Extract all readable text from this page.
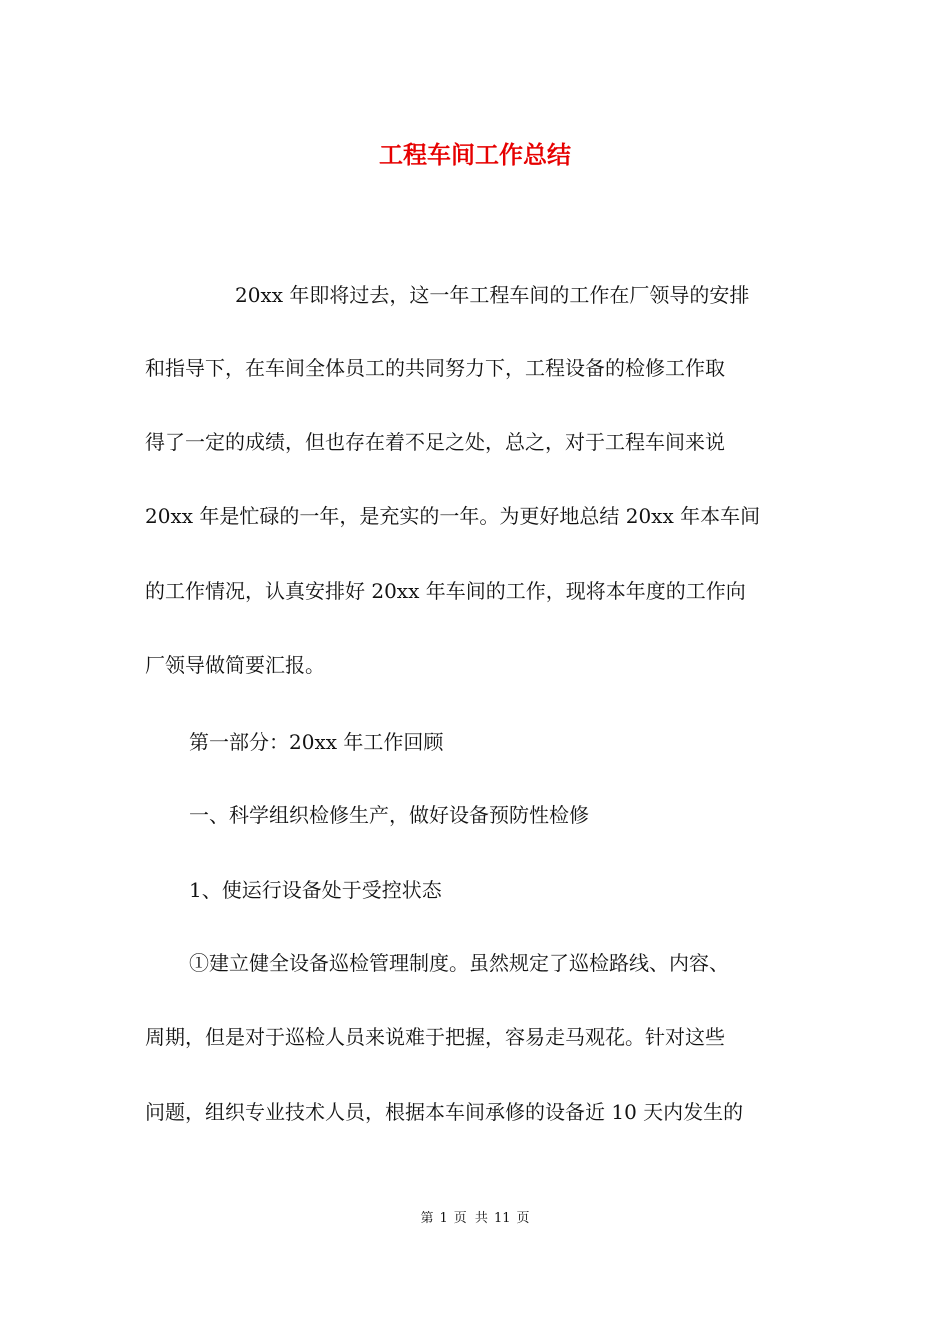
工程车间工作总结
20xx 年即将过去，这一年工程车间的工作在厂领导的安排
和指导下，在车间全体员工的共同努力下，工程设备的检修工作取
得了一定的成绩，但也存在着不足之处，总之，对于工程车间来说
20xx 年是忙碌的一年，是充实的一年。为更好地总结 20xx 年本车间
的工作情况，认真安排好 20xx 年车间的工作，现将本年度的工作向
厂领导做简要汇报。
第一部分：20xx 年工作回顾
一、科学组织检修生产，做好设备预防性检修
1、使运行设备处于受控状态
①建立健全设备巡检管理制度。虽然规定了巡检路线、内容、
周期，但是对于巡检人员来说难于把握，容易走马观花。针对这些
问题，组织专业技术人员，根据本车间承修的设备近 10 天内发生的
第 1 页 共 11 页
